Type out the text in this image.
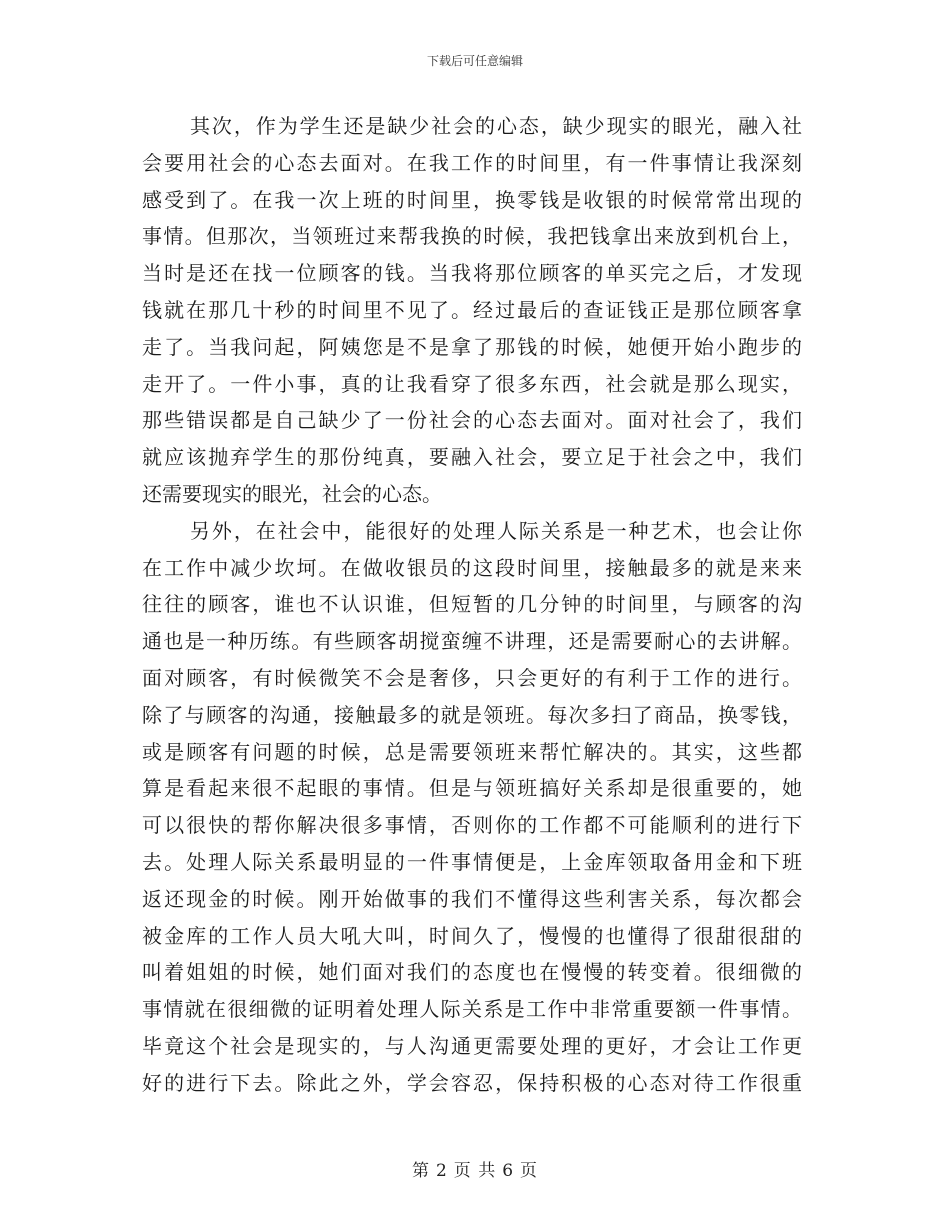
下载后可任意编辑
其次，作为学生还是缺少社会的心态，缺少现实的眼光，融入社
会要用社会的心态去面对。在我工作的时间里，有一件事情让我深刻
感受到了。在我一次上班的时间里，换零钱是收银的时候常常出现的
事情。但那次，当领班过来帮我换的时候，我把钱拿出来放到机台上，
当时是还在找一位顾客的钱。当我将那位顾客的单买完之后，才发现
钱就在那几十秒的时间里不见了。经过最后的查证钱正是那位顾客拿
走了。当我问起，阿姨您是不是拿了那钱的时候，她便开始小跑步的
走开了。一件小事，真的让我看穿了很多东西，社会就是那么现实，
那些错误都是自己缺少了一份社会的心态去面对。面对社会了，我们
就应该抛弃学生的那份纯真，要融入社会，要立足于社会之中，我们
还需要现实的眼光，社会的心态。
另外，在社会中，能很好的处理人际关系是一种艺术，也会让你
在工作中减少坎坷。在做收银员的这段时间里，接触最多的就是来来
往往的顾客，谁也不认识谁，但短暂的几分钟的时间里，与顾客的沟
通也是一种历练。有些顾客胡搅蛮缠不讲理，还是需要耐心的去讲解。
面对顾客，有时候微笑不会是奢侈，只会更好的有利于工作的进行。
除了与顾客的沟通，接触最多的就是领班。每次多扫了商品，换零钱，
或是顾客有问题的时候，总是需要领班来帮忙解决的。其实，这些都
算是看起来很不起眼的事情。但是与领班搞好关系却是很重要的，她
可以很快的帮你解决很多事情，否则你的工作都不可能顺利的进行下
去。处理人际关系最明显的一件事情便是，上金库领取备用金和下班
返还现金的时候。刚开始做事的我们不懂得这些利害关系，每次都会
被金库的工作人员大吼大叫，时间久了，慢慢的也懂得了很甜很甜的
叫着姐姐的时候，她们面对我们的态度也在慢慢的转变着。很细微的
事情就在很细微的证明着处理人际关系是工作中非常重要额一件事情。
毕竟这个社会是现实的，与人沟通更需要处理的更好，才会让工作更
好的进行下去。除此之外，学会容忍，保持积极的心态对待工作很重
第 2 页 共 6 页
